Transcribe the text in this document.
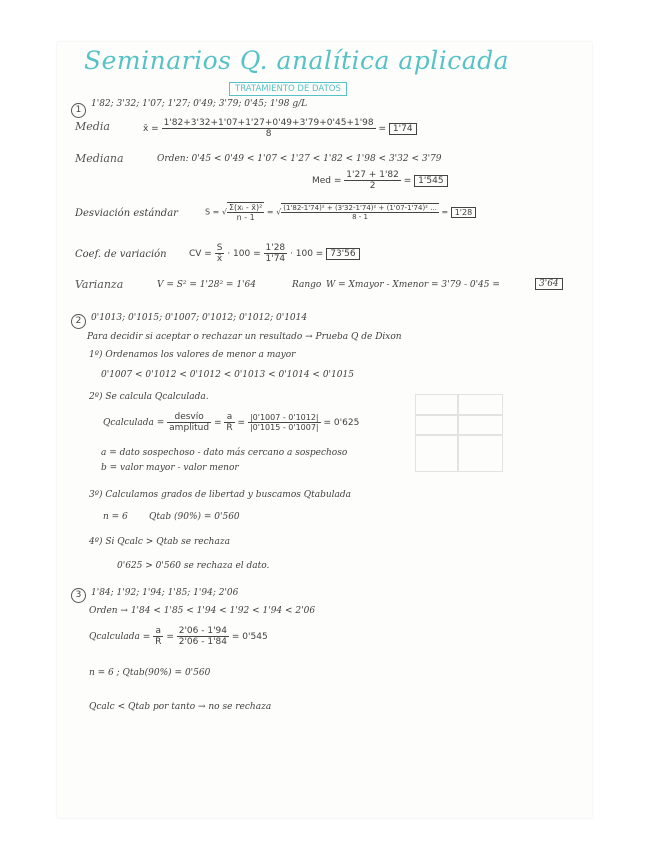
Seminarios Q. analítica aplicada
TRATAMIENTO DE DATOS
1
1'82; 3'32; 1'07; 1'27; 0'49; 3'79; 0'45; 1'98 g/L
Media	x̄ = $\frac{1'82+3'32+1'07+1'27+0'49+3'79+0'45+1'98}{8} = 1'74$
Mediana	Orden: 0'45 < 0'49 < 1'07 < 1'27 < 1'82 < 1'98 < 3'32 < 3'79
Med = $\frac{1'27 + 1'82}{2} = 1'545$
Desviación estándar	S = √ $\frac{\text{Σ(xᵢ - x̄)²}}{n - 1}$ = √ $\frac{\text{(1'82-1'74)² + (3'32-1'74)² + (1'07-1'74)² ...}}{8 - 1} = 1'28$
Coef. de variación CV = $\frac{S}{x̄} \cdot 100 = \frac{1'28}{1'74} \cdot 100 = 73'56$
Varianza	V = S² = 1'28² = 1'64	Rango W = Xmayor - Xmenor = 3'79 - 0'45 =	3'64
2	0'1013; 0'1015; 0'1007; 0'1012; 0'1012; 0'1014
Para decidir si aceptar o rechazar un resultado → Prueba Q de Dixon
1º) Ordenamos los valores de menor a mayor
0'1007 < 0'1012 < 0'1012 < 0'1013 < 0'1014 < 0'1015
2º) Se calcula Qcalculada.
Qcalculada = $\frac{\text{desvío}}{\text{amplitud}} = \frac{a}{R} = \frac{|0'1007 - 0'1012|}{|0'1015 - 0'1007|} = 0'625$
a = dato sospechoso - dato más cercano a sospechoso
b = valor mayor - valor menor
3º) Calculamos grados de libertad y buscamos Qtabulada
n = 6 Qtab (90%) = 0'560
4º) Si Qcalc > Qtab se rechaza
0'625 > 0'560 se rechaza el dato.
3	1'84; 1'92; 1'94; 1'85; 1'94; 2'06
Orden → 1'84 < 1'85 < 1'94 < 1'92 < 1'94 < 2'06
Qcalculada = $\frac{a}{R} = \frac{2'06 - 1'94}{2'06 - 1'84} = 0'545$
n = 6 ; Qtab(90%) = 0'560
Qcalc < Qtab por tanto → no se rechaza
